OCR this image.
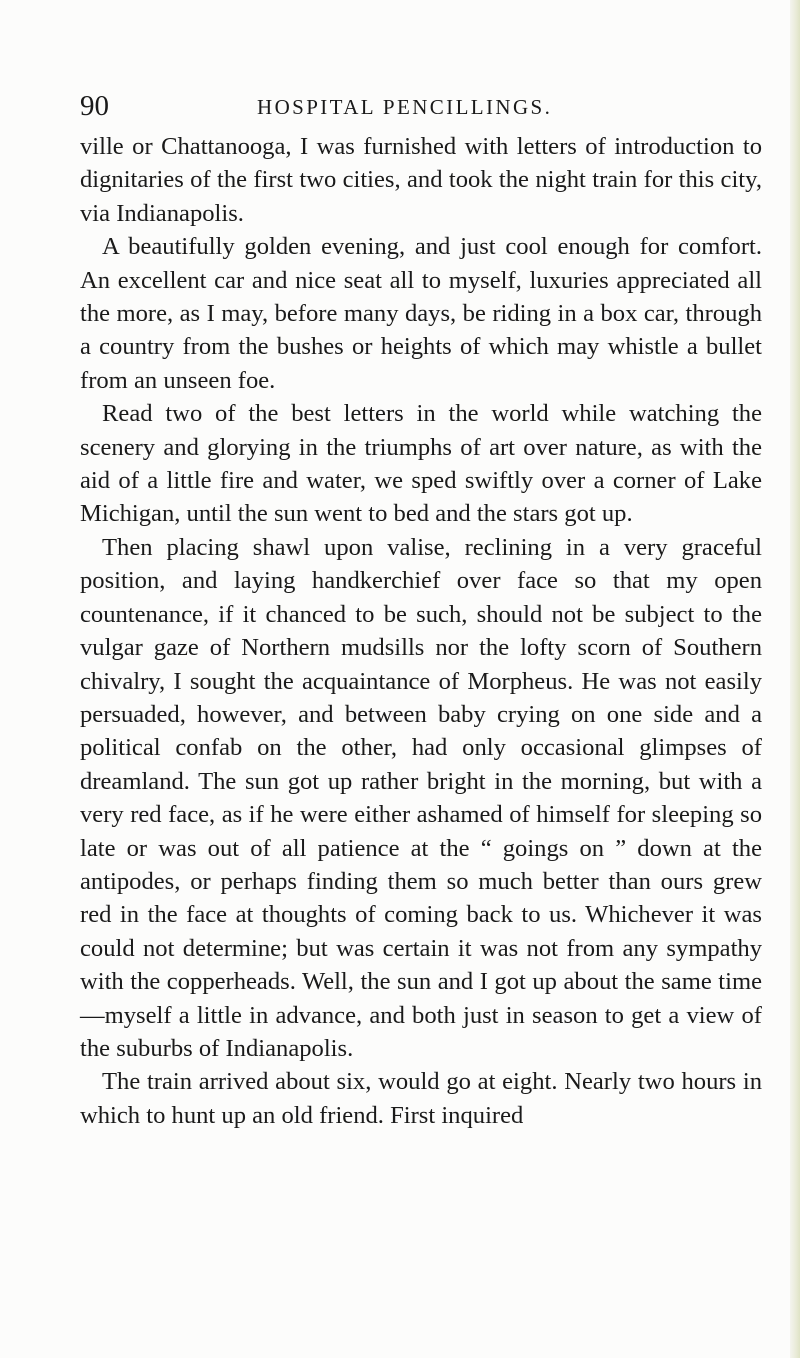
90	HOSPITAL PENCILLINGS.

ville or Chattanooga, I was furnished with letters of introduction to dignitaries of the first two cities, and took the night train for this city, via Indianapolis.

A beautifully golden evening, and just cool enough for comfort. An excellent car and nice seat all to myself, luxuries appreciated all the more, as I may, before many days, be riding in a box car, through a country from the bushes or heights of which may whistle a bullet from an unseen foe.

Read two of the best letters in the world while watching the scenery and glorying in the triumphs of art over nature, as with the aid of a little fire and water, we sped swiftly over a corner of Lake Michigan, until the sun went to bed and the stars got up.

Then placing shawl upon valise, reclining in a very graceful position, and laying handkerchief over face so that my open countenance, if it chanced to be such, should not be subject to the vulgar gaze of Northern mudsills nor the lofty scorn of Southern chivalry, I sought the acquaintance of Morpheus. He was not easily persuaded, however, and between baby crying on one side and a political confab on the other, had only occasional glimpses of dreamland. The sun got up rather bright in the morning, but with a very red face, as if he were either ashamed of himself for sleeping so late or was out of all patience at the “ goings on ” down at the antipodes, or perhaps finding them so much better than ours grew red in the face at thoughts of coming back to us. Whichever it was could not determine; but was certain it was not from any sympathy with the copperheads. Well, the sun and I got up about the same time—myself a little in advance, and both just in season to get a view of the suburbs of Indianapolis.

The train arrived about six, would go at eight. Nearly two hours in which to hunt up an old friend. First inquired
